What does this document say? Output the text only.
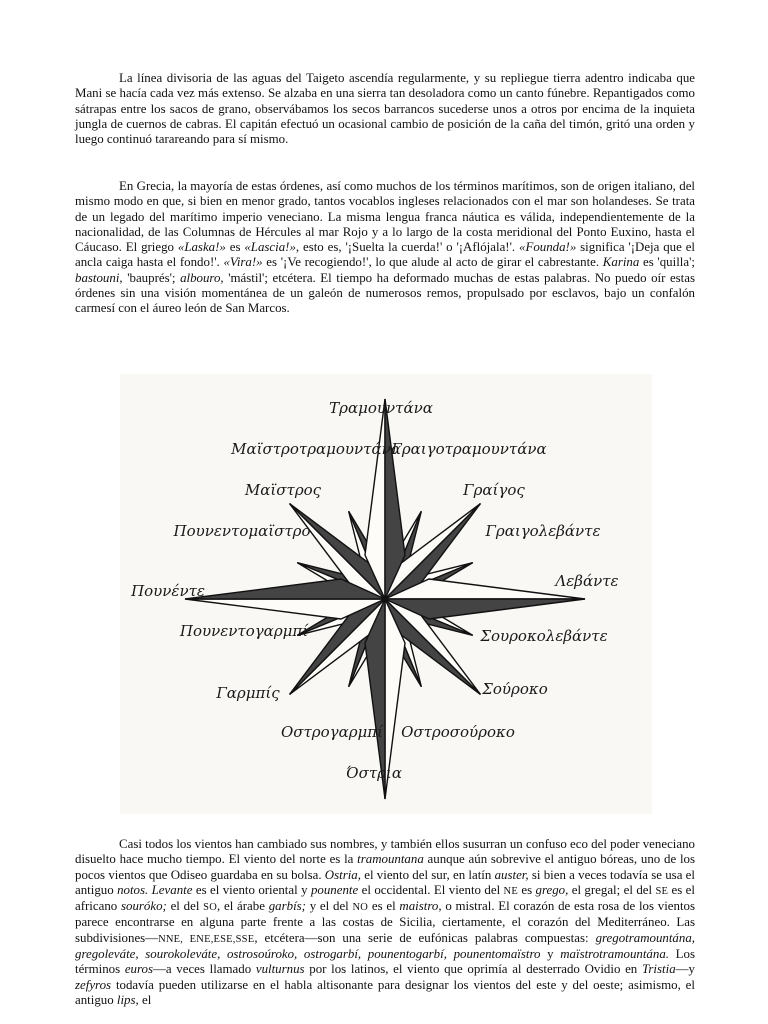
La línea divisoria de las aguas del Taigeto ascendía regularmente, y su repliegue tierra adentro indicaba que Mani se hacía cada vez más extenso. Se alzaba en una sierra tan desoladora como un canto fúnebre. Repantigados como sátrapas entre los sacos de grano, observábamos los secos barrancos sucederse unos a otros por encima de la inquieta jungla de cuernos de cabras. El capitán efectuó un ocasional cambio de posición de la caña del timón, gritó una orden y luego continuó tarareando para sí mismo.

En Grecia, la mayoría de estas órdenes, así como muchos de los términos marítimos, son de origen italiano, del mismo modo en que, si bien en menor grado, tantos vocablos ingleses relacionados con el mar son holandeses. Se trata de un legado del marítimo imperio veneciano. La misma lengua franca náutica es válida, independientemente de la nacionalidad, de las Columnas de Hércules al mar Rojo y a lo largo de la costa meridional del Ponto Euxino, hasta el Cáucaso. El griego «Laska!» es «Lascia!», esto es, '¡Suelta la cuerda!' o '¡Aflójala!'. «Founda!» significa '¡Deja que el ancla caiga hasta el fondo!'. «Vira!» es '¡Ve recogiendo!', lo que alude al acto de girar el cabrestante. Karina es 'quilla'; bastouni, 'bauprés'; albouro, 'mástil'; etcétera. El tiempo ha deformado muchas de estas palabras. No puedo oír estas órdenes sin una visión momentánea de un galeón de numerosos remos, propulsado por esclavos, bajo un confalón carmesí con el áureo león de San Marcos.

Τραμουντάνα
Μαϊστροτραμουντάνα
Γραιγοτραμουντάνα
Μαϊστρος	Γραίγος
Πουνεντομαϊστρο	Γραιγολεβάντε
Πουνέντε
Λεβάντε
Πουνεντογαρμπί	Σουροκολεβάντε
Γαρμπίς	Σούροκο
Οστρογαρμπί Οστροσούροκο
Όστρια

Casi todos los vientos han cambiado sus nombres, y también ellos susurran un confuso eco del poder veneciano disuelto hace mucho tiempo. El viento del norte es la tramountana aunque aún sobrevive el antiguo bóreas, uno de los pocos vientos que Odiseo guardaba en su bolsa. Ostria, el viento del sur, en latín auster, si bien a veces todavía se usa el antiguo notos. Levante es el viento oriental y pounente el occidental. El viento del NE es grego, el gregal; el del SE es el africano souróko; el del SO, el árabe garbís; y el del NO es el maistro, o mistral. El corazón de esta rosa de los vientos parece encontrarse en alguna parte frente a las costas de Sicilia, ciertamente, el corazón del Mediterráneo. Las subdivisiones—NNE, ENE,ESE,SSE, etcétera—son una serie de eufónicas palabras compuestas: gregotramountána, gregoleváte, sourokoleváte, ostrosoúroko, ostrogarbí, pounentogarbí, pounentomaïstro y maïstrotramountána. Los términos euros—a veces llamado vulturnus por los latinos, el viento que oprimía al desterrado Ovidio en Tristia—y zefyros todavía pueden utilizarse en el habla altisonante para designar los vientos del este y del oeste; asimismo, el antiguo lips, el
